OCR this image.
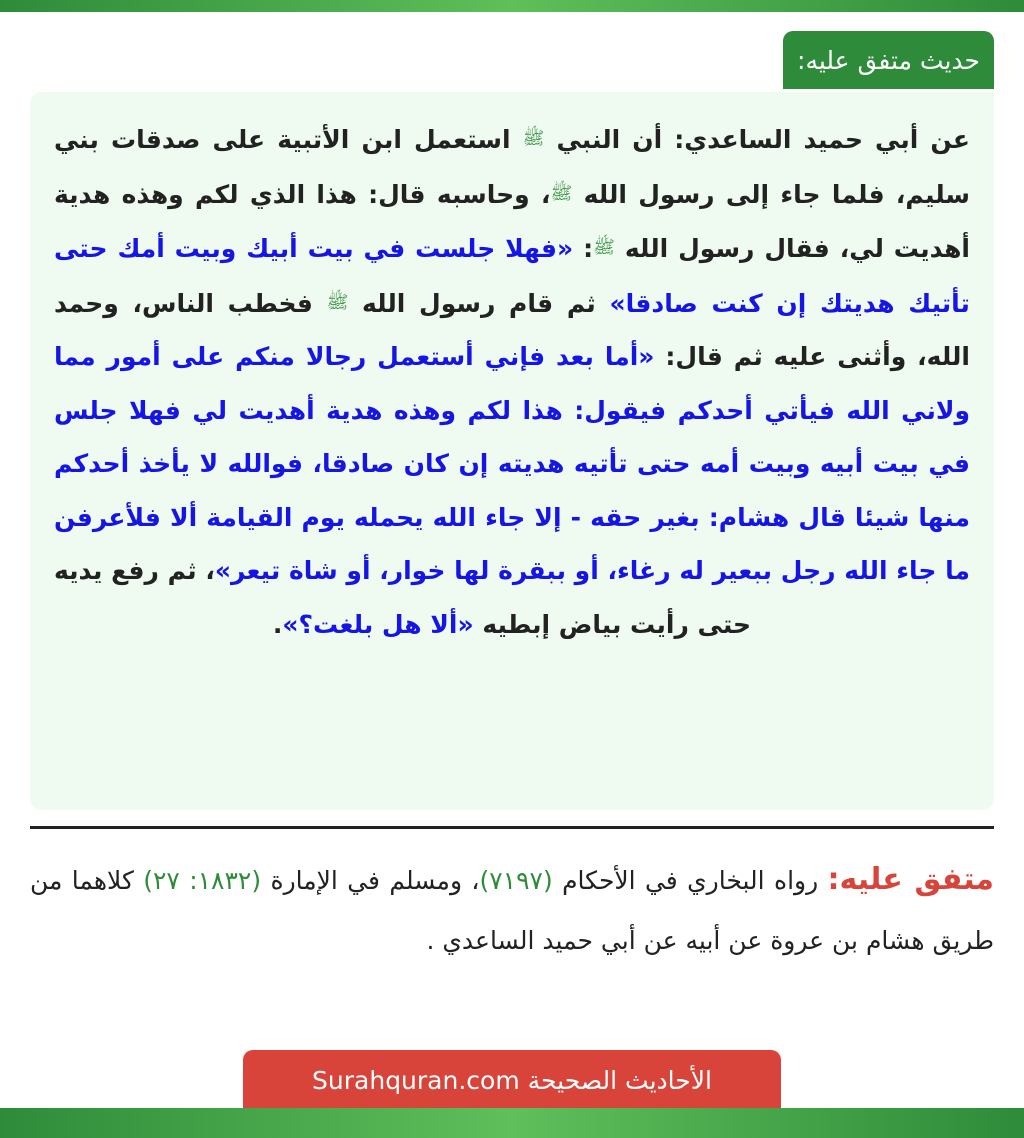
حديث متفق عليه:
عن أبي حميد الساعدي: أن النبي ﷺ استعمل ابن الأتبية على صدقات بني سليم، فلما جاء إلى رسول الله ﷺ، وحاسبه قال: هذا الذي لكم وهذه هدية أهديت لي، فقال رسول الله ﷺ: «فهلا جلست في بيت أبيك وبيت أمك حتى تأتيك هديتك إن كنت صادقا» ثم قام رسول الله ﷺ فخطب الناس، وحمد الله، وأثنى عليه ثم قال: «أما بعد فإني أستعمل رجالا منكم على أمور مما ولاني الله فيأتي أحدكم فيقول: هذا لكم وهذه هدية أهديت لي فهلا جلس في بيت أبيه وبيت أمه حتى تأتيه هديته إن كان صادقا، فوالله لا يأخذ أحدكم منها شيئا قال هشام: بغير حقه - إلا جاء الله يحمله يوم القيامة ألا فلأعرفن ما جاء الله رجل ببعير له رغاء، أو ببقرة لها خوار، أو شاة تيعر»، ثم رفع يديه حتى رأيت بياض إبطيه «ألا هل بلغت؟».
متفق عليه: رواه البخاري في الأحكام (٧١٩٧)، ومسلم في الإمارة (١٨٣٢: ٢٧) كلاهما من طريق هشام بن عروة عن أبيه عن أبي حميد الساعدي .
الأحاديث الصحيحة Surahquran.com
